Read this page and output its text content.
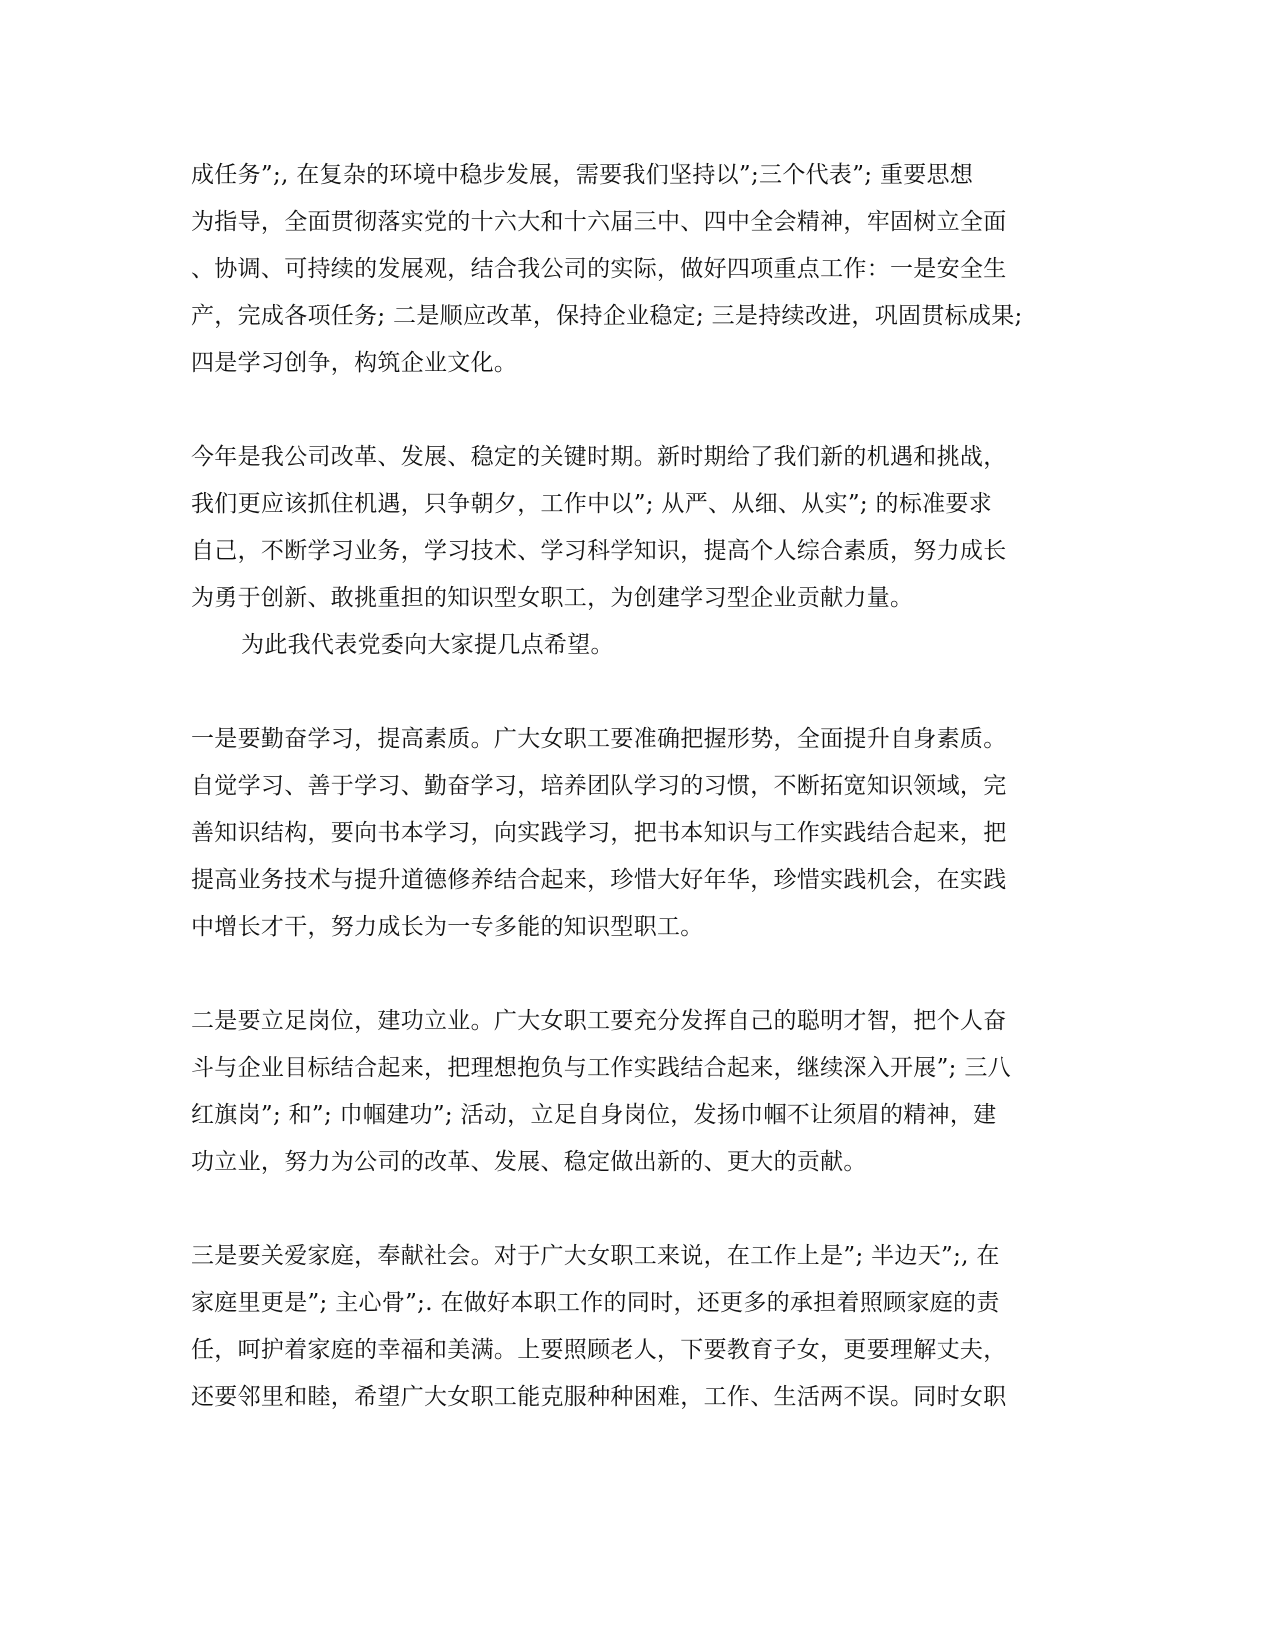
成任务”;, 在复杂的环境中稳步发展，需要我们坚持以”;三个代表”; 重要思想
为指导，全面贯彻落实党的十六大和十六届三中、四中全会精神，牢固树立全面
、协调、可持续的发展观，结合我公司的实际，做好四项重点工作：一是安全生
产，完成各项任务; 二是顺应改革，保持企业稳定; 三是持续改进，巩固贯标成果;
四是学习创争，构筑企业文化。
今年是我公司改革、发展、稳定的关键时期。新时期给了我们新的机遇和挑战，
我们更应该抓住机遇，只争朝夕，工作中以”; 从严、从细、从实”; 的标准要求
自己，不断学习业务，学习技术、学习科学知识，提高个人综合素质，努力成长
为勇于创新、敢挑重担的知识型女职工，为创建学习型企业贡献力量。
为此我代表党委向大家提几点希望。
一是要勤奋学习，提高素质。广大女职工要准确把握形势，全面提升自身素质。
自觉学习、善于学习、勤奋学习，培养团队学习的习惯，不断拓宽知识领域，完
善知识结构，要向书本学习，向实践学习，把书本知识与工作实践结合起来，把
提高业务技术与提升道德修养结合起来，珍惜大好年华，珍惜实践机会，在实践
中增长才干，努力成长为一专多能的知识型职工。
二是要立足岗位，建功立业。广大女职工要充分发挥自己的聪明才智，把个人奋
斗与企业目标结合起来，把理想抱负与工作实践结合起来，继续深入开展”; 三八
红旗岗”; 和”; 巾帼建功”; 活动，立足自身岗位，发扬巾帼不让须眉的精神，建
功立业，努力为公司的改革、发展、稳定做出新的、更大的贡献。
三是要关爱家庭，奉献社会。对于广大女职工来说，在工作上是”; 半边天”;, 在
家庭里更是”; 主心骨”;. 在做好本职工作的同时，还更多的承担着照顾家庭的责
任，呵护着家庭的幸福和美满。上要照顾老人，下要教育子女，更要理解丈夫，
还要邻里和睦，希望广大女职工能克服种种困难，工作、生活两不误。同时女职
